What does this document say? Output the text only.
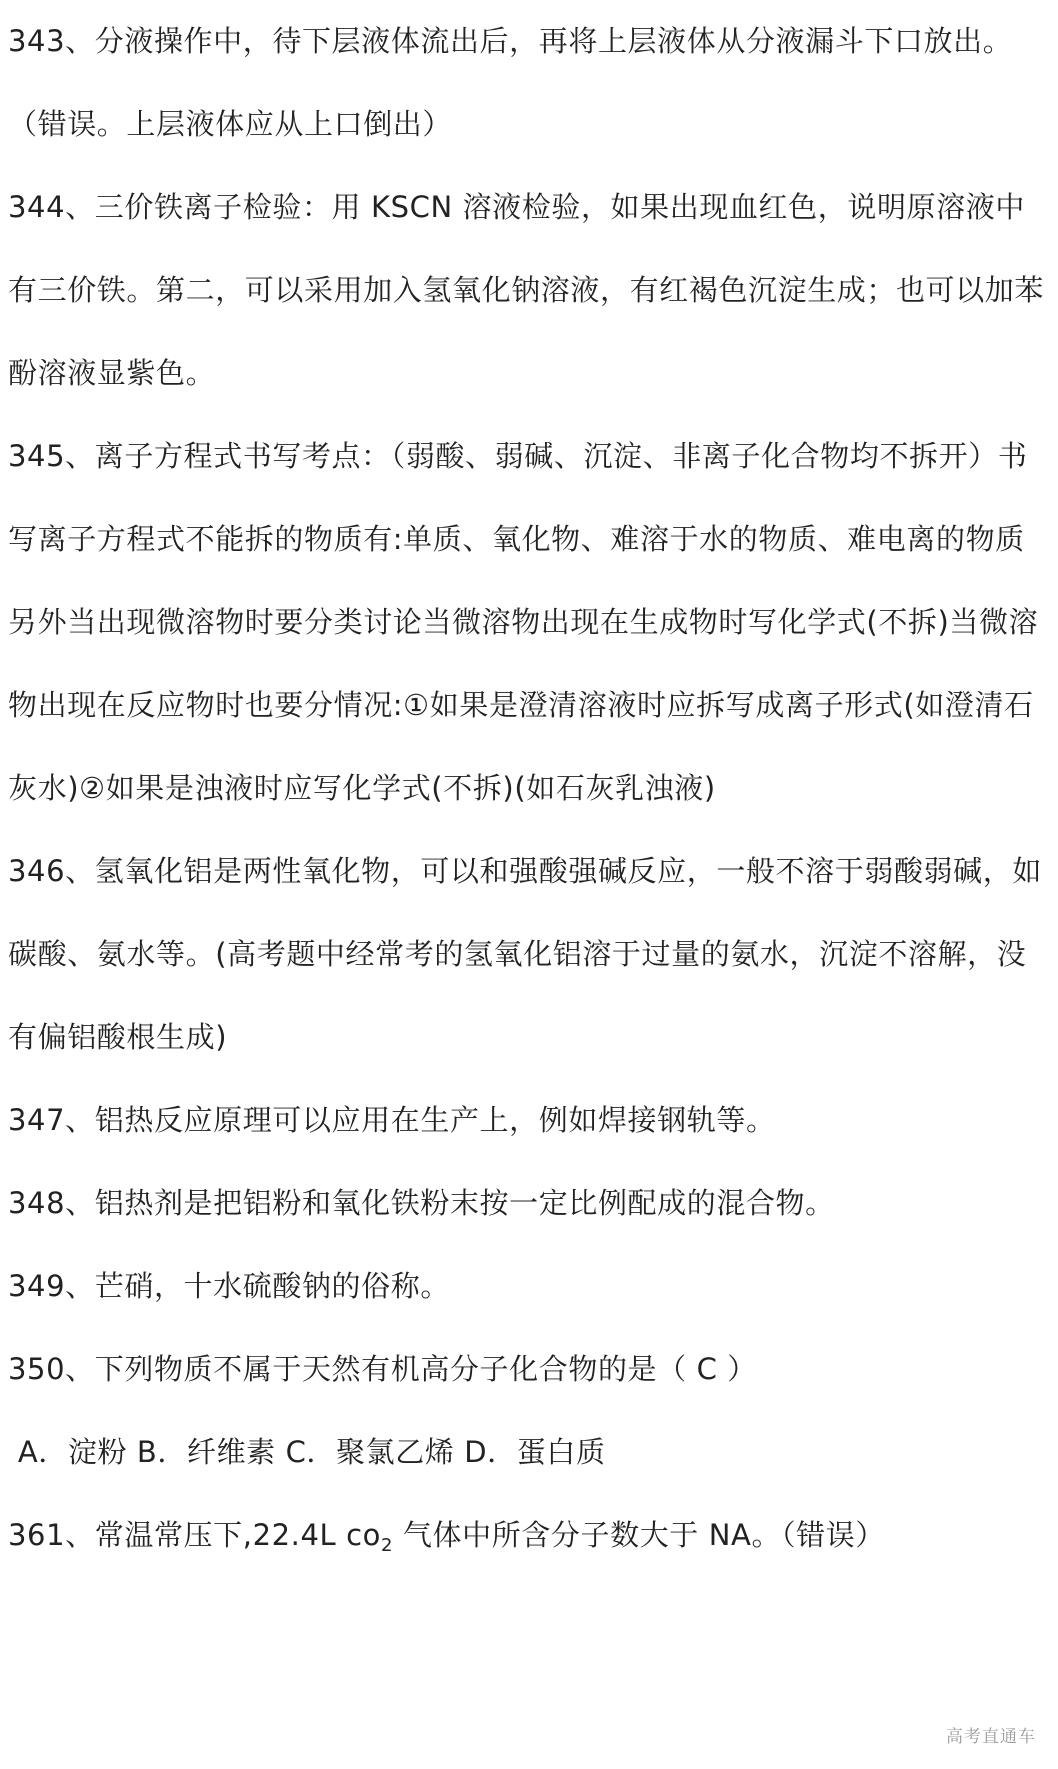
343、分液操作中，待下层液体流出后，再将上层液体从分液漏斗下口放出。（错误。上层液体应从上口倒出）

344、三价铁离子检验：用 KSCN 溶液检验，如果出现血红色，说明原溶液中有三价铁。第二，可以采用加入氢氧化钠溶液，有红褐色沉淀生成；也可以加苯酚溶液显紫色。

345、离子方程式书写考点：（弱酸、弱碱、沉淀、非离子化合物均不拆开）书写离子方程式不能拆的物质有:单质、氧化物、难溶于水的物质、难电离的物质另外当出现微溶物时要分类讨论当微溶物出现在生成物时写化学式(不拆)当微溶物出现在反应物时也要分情况:①如果是澄清溶液时应拆写成离子形式(如澄清石灰水)②如果是浊液时应写化学式(不拆)(如石灰乳浊液)

346、氢氧化铝是两性氧化物，可以和强酸强碱反应，一般不溶于弱酸弱碱，如碳酸、氨水等。(高考题中经常考的氢氧化铝溶于过量的氨水，沉淀不溶解，没有偏铝酸根生成)

347、铝热反应原理可以应用在生产上，例如焊接钢轨等。

348、铝热剂是把铝粉和氧化铁粉末按一定比例配成的混合物。

349、芒硝，十水硫酸钠的俗称。

350、下列物质不属于天然有机高分子化合物的是（ C ）

A．淀粉 B．纤维素 C．聚氯乙烯 D．蛋白质

361、常温常压下,22.4L $co_2$ 气体中所含分子数大于 NA。（错误）

高考直通车
